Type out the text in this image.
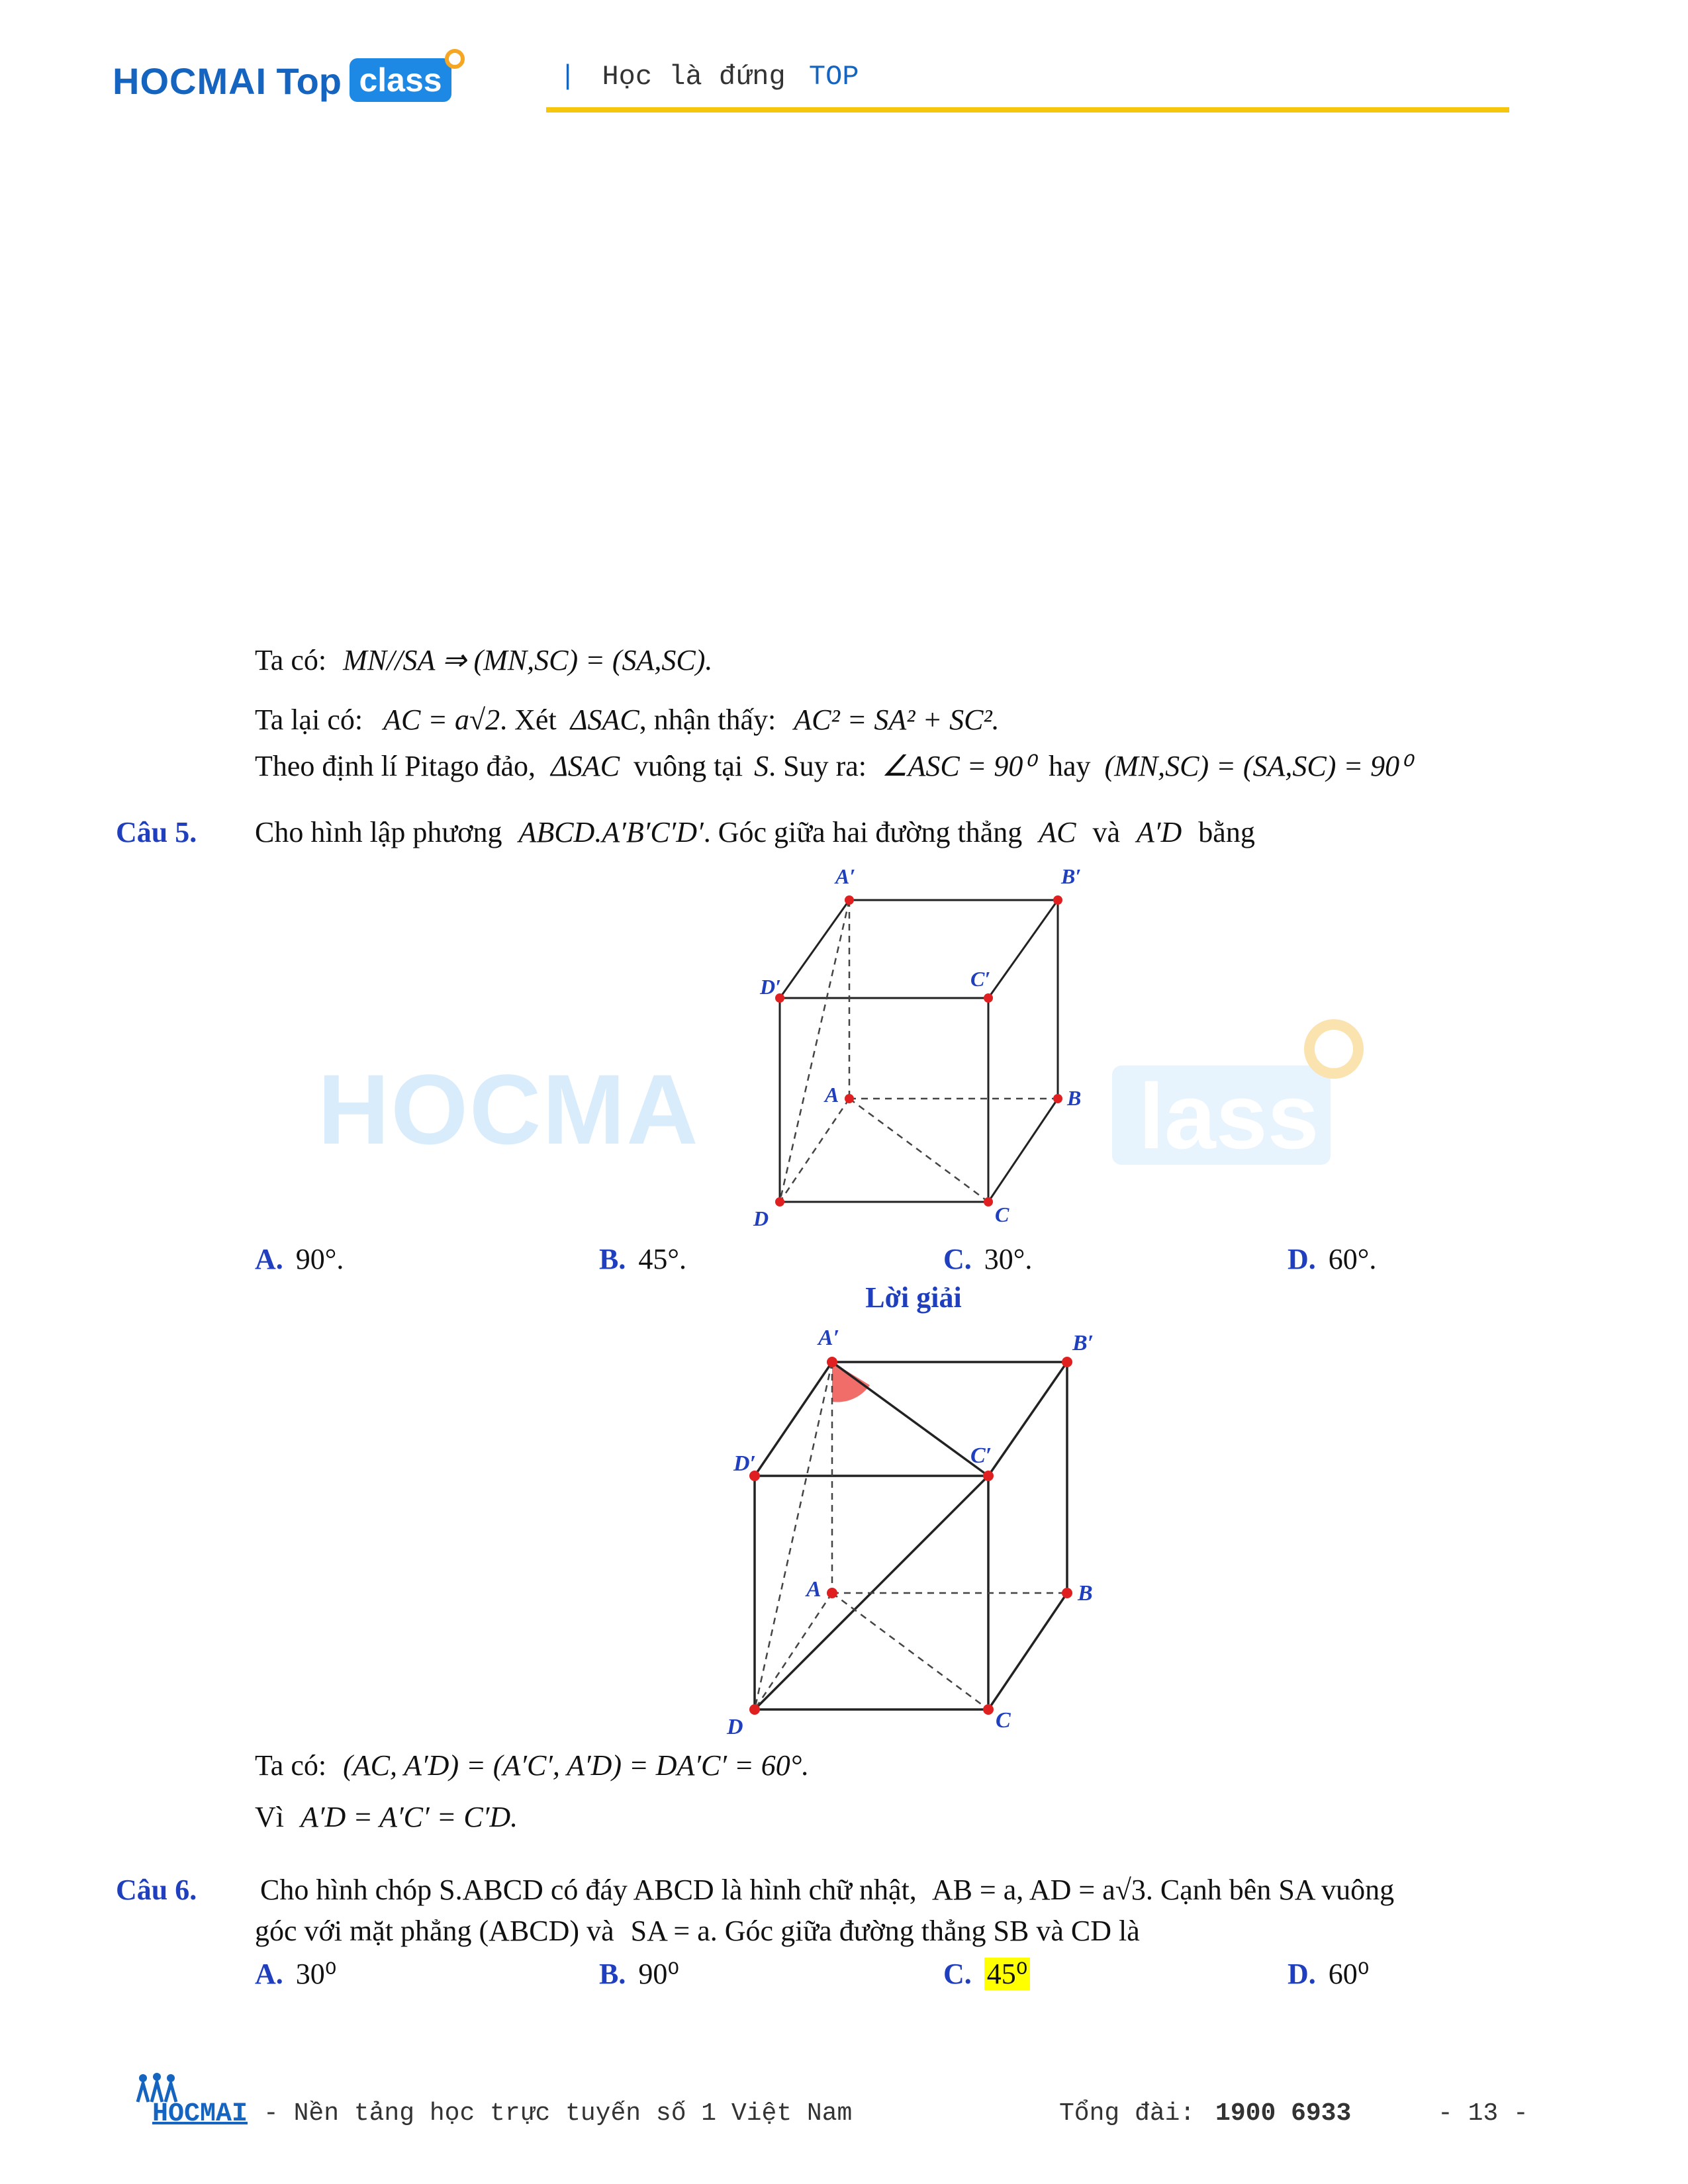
HOCMAI Top class	| Học là đứng TOP
HOCMA	lass
Ta có: MN//SA ⇒ (MN,SC) = (SA,SC).
Ta lại có: AC = a√2. Xét ΔSAC, nhận thấy: AC² = SA² + SC².
Theo định lí Pitago đảo, ΔSAC vuông tại S. Suy ra: ∠ASC = 90⁰ hay (MN,SC) = (SA,SC) = 90⁰
Câu 5. Cho hình lập phương ABCD.A′B′C′D′. Góc giữa hai đường thẳng AC và A′D bằng
A′	B′
D′	C′
A	B
D	C
A. 90°.	B. 45°.	C. 30°.	D. 60°.
Lời giải
A′	B′
D′	C′
A	B
D	C
Ta có: (AC, A′D) = (A′C′, A′D) = DA′C′ = 60°.
Vì A′D = A′C′ = C′D.
Câu 6. Cho hình chóp S.ABCD có đáy ABCD là hình chữ nhật, AB = a, AD = a√3. Cạnh bên SA vuông
góc với mặt phẳng (ABCD) và SA = a. Góc giữa đường thẳng SB và CD là
A. 30⁰	B. 90⁰	C. 45⁰	D. 60⁰
HOCMAI - Nền tảng học trực tuyến số 1 Việt Nam	Tổng đài: 1900 6933	- 13 -
